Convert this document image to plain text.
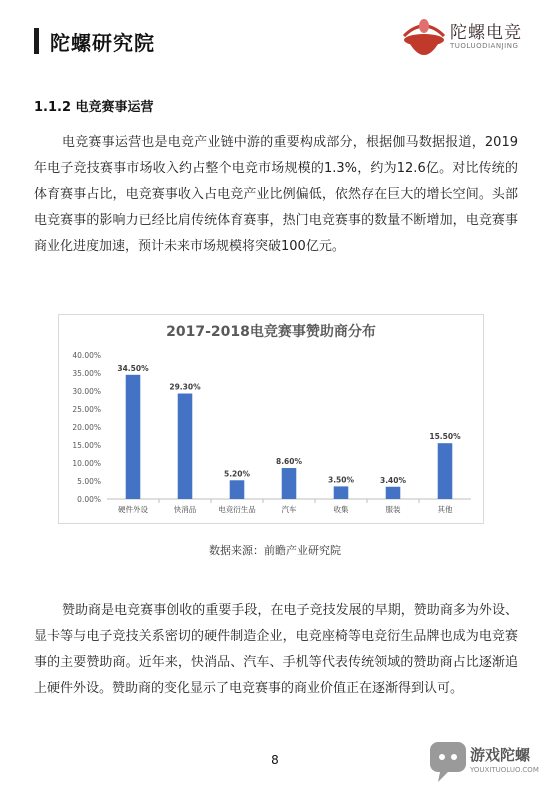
陀螺研究院	陀螺电竞
TUOLUODIANJING
1.1.2 电竞赛事运营

电竞赛事运营也是电竞产业链中游的重要构成部分，根据伽马数据报道，2019年电子竞技赛事市场收入约占整个电竞市场规模的1.3%，约为12.6亿。对比传统的体育赛事占比，电竞赛事收入占电竞产业比例偏低，依然存在巨大的增长空间。头部电竞赛事的影响力已经比肩传统体育赛事，热门电竞赛事的数量不断增加，电竞赛事商业化进度加速，预计未来市场规模将突破100亿元。

2017-2018电竞赛事赞助商分布
0.00%
5.00%
10.00%
15.00%
20.00%
25.00%
30.00%
35.00%
40.00%
34.50%
硬件外设
29.30%
快消品
5.20%
电竞衍生品
8.60%
汽车
3.50%
收集
3.40%
服装
15.50%
其他
数据来源：前瞻产业研究院

赞助商是电竞赛事创收的重要手段，在电子竞技发展的早期，赞助商多为外设、显卡等与电子竞技关系密切的硬件制造企业，电竞座椅等电竞衍生品牌也成为电竞赛事的主要赞助商。近年来，快消品、汽车、手机等代表传统领域的赞助商占比逐渐追上硬件外设。赞助商的变化显示了电竞赛事的商业价值正在逐渐得到认可。

8	游戏陀螺
YOUXITUOLUO.COM
